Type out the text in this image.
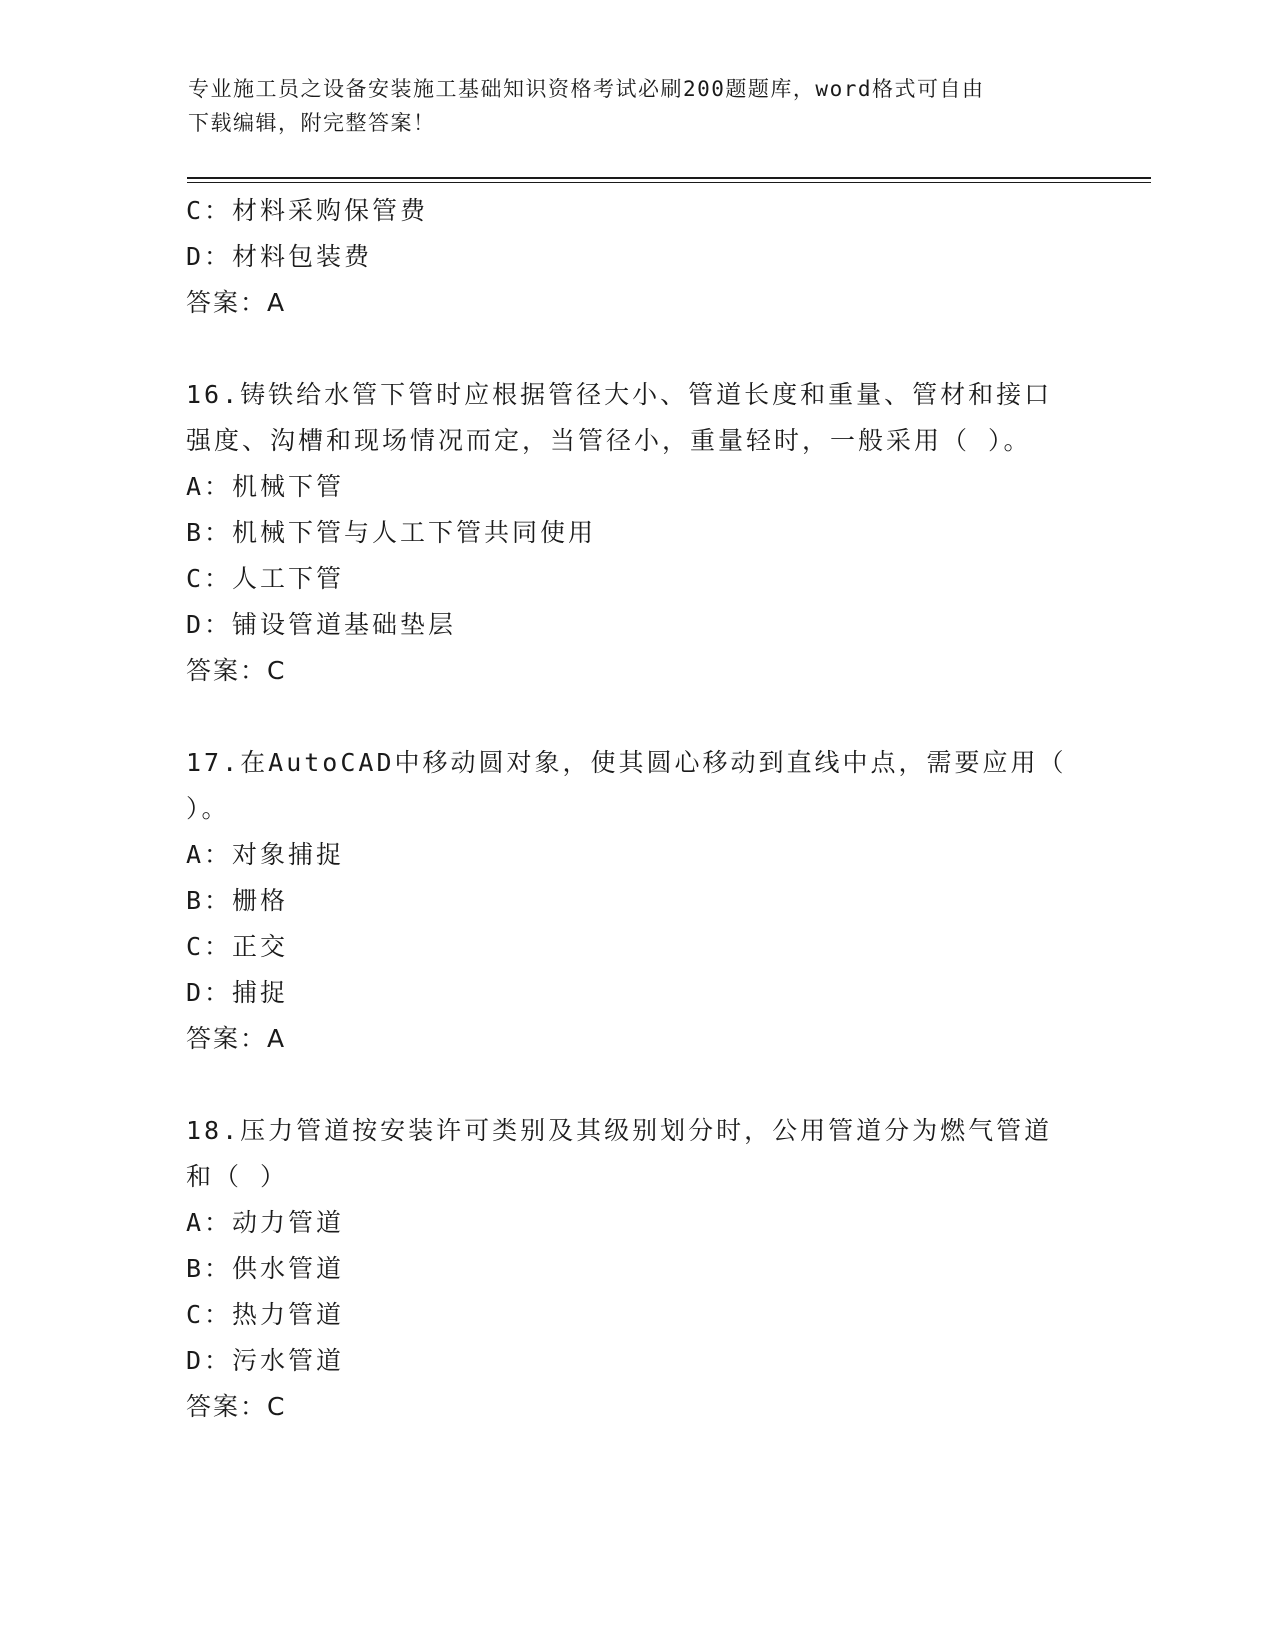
专业施工员之设备安装施工基础知识资格考试必刷200题题库，word格式可自由
下载编辑，附完整答案！
C：材料采购保管费
D：材料包装费
答案：A
16.铸铁给水管下管时应根据管径大小、管道长度和重量、管材和接口
强度、沟槽和现场情况而定，当管径小，重量轻时，一般采用（ ）。
A：机械下管
B：机械下管与人工下管共同使用
C：人工下管
D：铺设管道基础垫层
答案：C
17.在AutoCAD中移动圆对象，使其圆心移动到直线中点，需要应用（
）。
A：对象捕捉
B：栅格
C：正交
D：捕捉
答案：A
18.压力管道按安装许可类别及其级别划分时，公用管道分为燃气管道
和（ ）
A：动力管道
B：供水管道
C：热力管道
D：污水管道
答案：C
